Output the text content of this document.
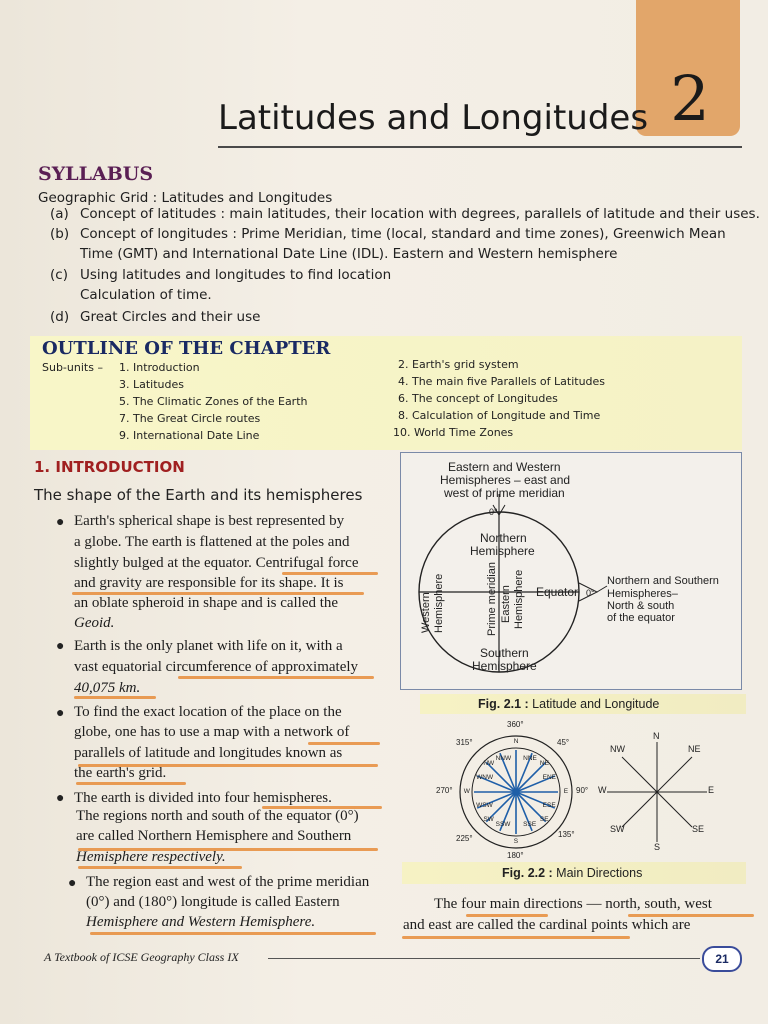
2
Latitudes and Longitudes
SYLLABUS
Geographic Grid : Latitudes and Longitudes
(a) Concept of latitudes : main latitudes, their location with degrees, parallels of latitude and their uses.
(b) Concept of longitudes : Prime Meridian, time (local, standard and time zones), Greenwich Mean
Time (GMT) and International Date Line (IDL). Eastern and Western hemisphere
(c) Using latitudes and longitudes to find location
Calculation of time.
(d) Great Circles and their use
OUTLINE OF THE CHAPTER
Sub-units – 1. Introduction
3. Latitudes
5. The Climatic Zones of the Earth
7. The Great Circle routes
9. International Date Line
2. Earth's grid system
4. The main five Parallels of Latitudes
6. The concept of Longitudes
8. Calculation of Longitude and Time
10. World Time Zones
1. INTRODUCTION
The shape of the Earth and its hemispheres
●
●
●
●
●
Earth's spherical shape is best represented by
a globe. The earth is flattened at the poles and
slightly bulged at the equator. Centrifugal force
and gravity are responsible for its shape. It is
an oblate spheroid in shape and is called the
Geoid.
Earth is the only planet with life on it, with a
vast equatorial circumference of approximately
40,075 km.
To find the exact location of the place on the
globe, one has to use a map with a network of
parallels of latitude and longitudes known as
the earth's grid.
The earth is divided into four hemispheres.
The regions north and south of the equator (0°)
are called Northern Hemisphere and Southern
Hemisphere respectively.
The region east and west of the prime meridian
(0°) and (180°) longitude is called Eastern
Hemisphere and Western Hemisphere.
0°
0°
Eastern and Western
Hemispheres – east and
west of prime meridian
Northern
Hemisphere
Southern
Hemisphere
Equator
Western Hemisphere	Prime meridian Eastern Hemisphere	Northern and Southern
Hemispheres–
North & south
of the equator
Fig. 2.1 : Latitude and Longitude
360°
315°	45°
270°	90°
225°	135°
180°
N
NNE
NE
ENE
E
ESE
SE
SSE
S
SSW
SW
WSW
W
WNW
NW
NNW
N
S
W	E
NW	NE
SW	SE
Fig. 2.2 : Main Directions
The four main directions — north, south, west
and east are called the cardinal points which are
A Textbook of ICSE Geography Class IX	21
